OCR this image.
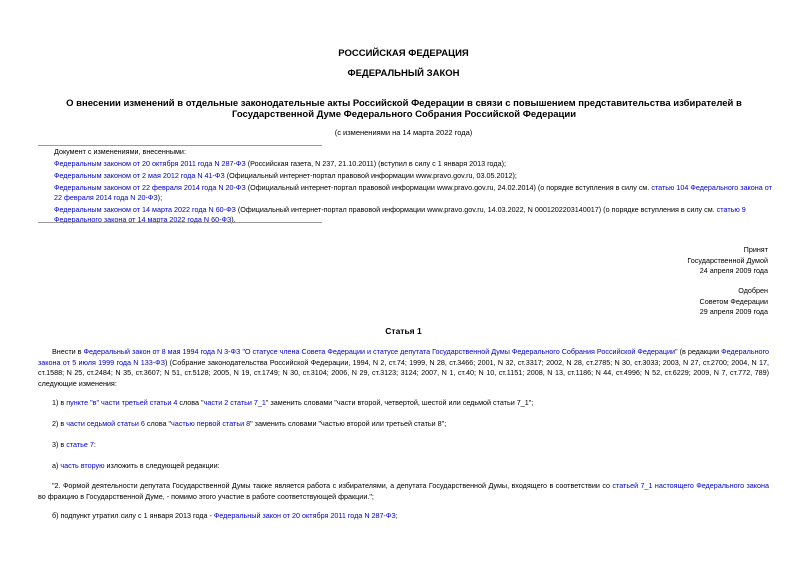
РОССИЙСКАЯ ФЕДЕРАЦИЯ
ФЕДЕРАЛЬНЫЙ ЗАКОН
О внесении изменений в отдельные законодательные акты Российской Федерации в связи с повышением представительства избирателей в Государственной Думе Федерального Собрания Российской Федерации
(с изменениями на 14 марта 2022 года)
Документ с изменениями, внесенными:
Федеральным законом от 20 октября 2011 года N 287-ФЗ (Российская газета, N 237, 21.10.2011) (вступил в силу с 1 января 2013 года);
Федеральным законом от 2 мая 2012 года N 41-ФЗ (Официальный интернет-портал правовой информации www.pravo.gov.ru, 03.05.2012);
Федеральным законом от 22 февраля 2014 года N 20-ФЗ (Официальный интернет-портал правовой информации www.pravo.gov.ru, 24.02.2014) (о порядке вступления в силу см. статью 104 Федерального закона от 22 февраля 2014 года N 20-ФЗ);
Федеральным законом от 14 марта 2022 года N 60-ФЗ (Официальный интернет-портал правовой информации www.pravo.gov.ru, 14.03.2022, N 0001202203140017) (о порядке вступления в силу см. статью 9 Федерального закона от 14 марта 2022 года N 60-ФЗ).
Принят
Государственной Думой
24 апреля 2009 года
Одобрен
Советом Федерации
29 апреля 2009 года
Статья 1
Внести в Федеральный закон от 8 мая 1994 года N 3-ФЗ "О статусе члена Совета Федерации и статусе депутата Государственной Думы Федерального Собрания Российской Федерации" (в редакции Федерального закона от 5 июля 1999 года N 133-ФЗ) (Собрание законодательства Российской Федерации, 1994, N 2, ст.74; 1999, N 28, ст.3466; 2001, N 32, ст.3317; 2002, N 28, ст.2785; N 30, ст.3033; 2003, N 27, ст.2700; 2004, N 17, ст.1588; N 25, ст.2484; N 35, ст.3607; N 51, ст.5128; 2005, N 19, ст.1749; N 30, ст.3104; 2006, N 29, ст.3123; 3124; 2007, N 1, ст.40; N 10, ст.1151; 2008, N 13, ст.1186; N 44, ст.4996; N 52, ст.6229; 2009, N 7, ст.772, 789) следующие изменения:
1) в пункте "в" части третьей статьи 4 слова "части 2 статьи 7_1" заменить словами "части второй, четвертой, шестой или седьмой статьи 7_1";
2) в части седьмой статьи 6 слова "частью первой статьи 8" заменить словами "частью второй или третьей статьи 8";
3) в статье 7:
а) часть вторую изложить в следующей редакции:
"2. Формой деятельности депутата Государственной Думы также является работа с избирателями, а депутата Государственной Думы, входящего в соответствии со статьей 7_1 настоящего Федерального закона во фракцию в Государственной Думе, - помимо этого участие в работе соответствующей фракции.";
б) подпункт утратил силу с 1 января 2013 года - Федеральный закон от 20 октября 2011 года N 287-ФЗ;
